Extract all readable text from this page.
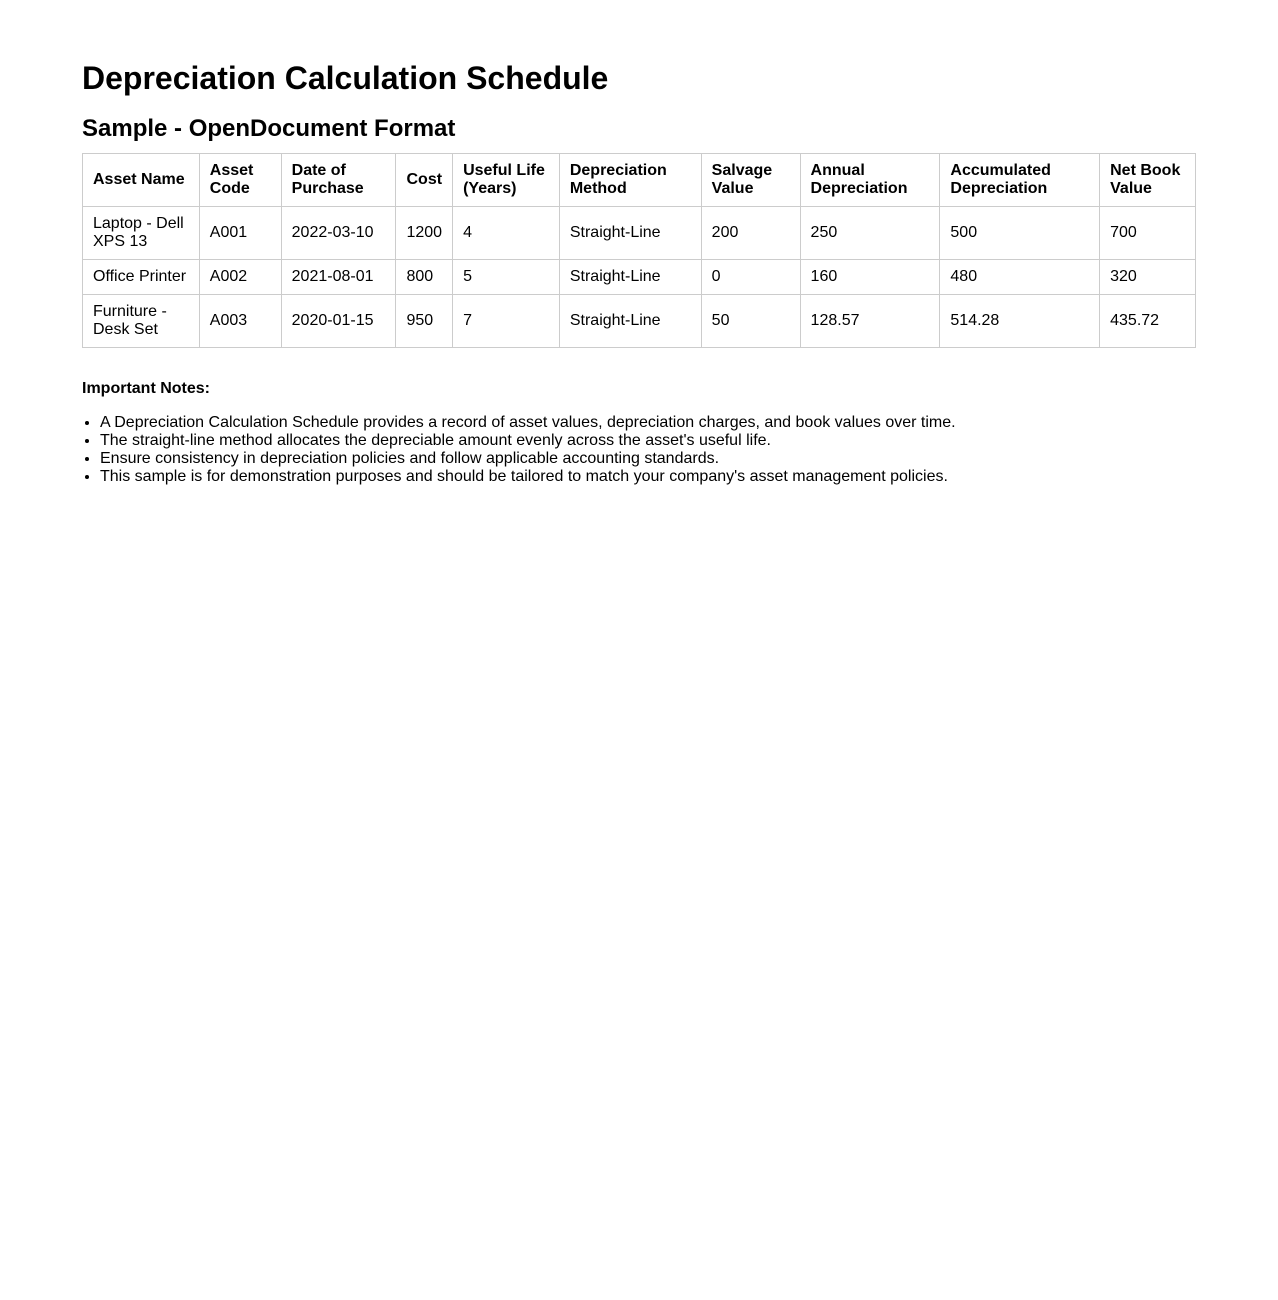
Depreciation Calculation Schedule
Sample - OpenDocument Format
Asset Name	Asset Code	Date of Purchase	Cost	Useful Life (Years)	Depreciation Method	Salvage Value	Annual Depreciation	Accumulated Depreciation	Net Book Value
Laptop - Dell XPS 13	A001	2022-03-10	1200	4	Straight-Line	200	250	500	700
Office Printer	A002	2021-08-01	800	5	Straight-Line	0	160	480	320
Furniture - Desk Set	A003	2020-01-15	950	7	Straight-Line	50	128.57	514.28	435.72

Important Notes:

• A Depreciation Calculation Schedule provides a record of asset values, depreciation charges, and book values over time.
• The straight-line method allocates the depreciable amount evenly across the asset's useful life.
• Ensure consistency in depreciation policies and follow applicable accounting standards.
• This sample is for demonstration purposes and should be tailored to match your company's asset management policies.
